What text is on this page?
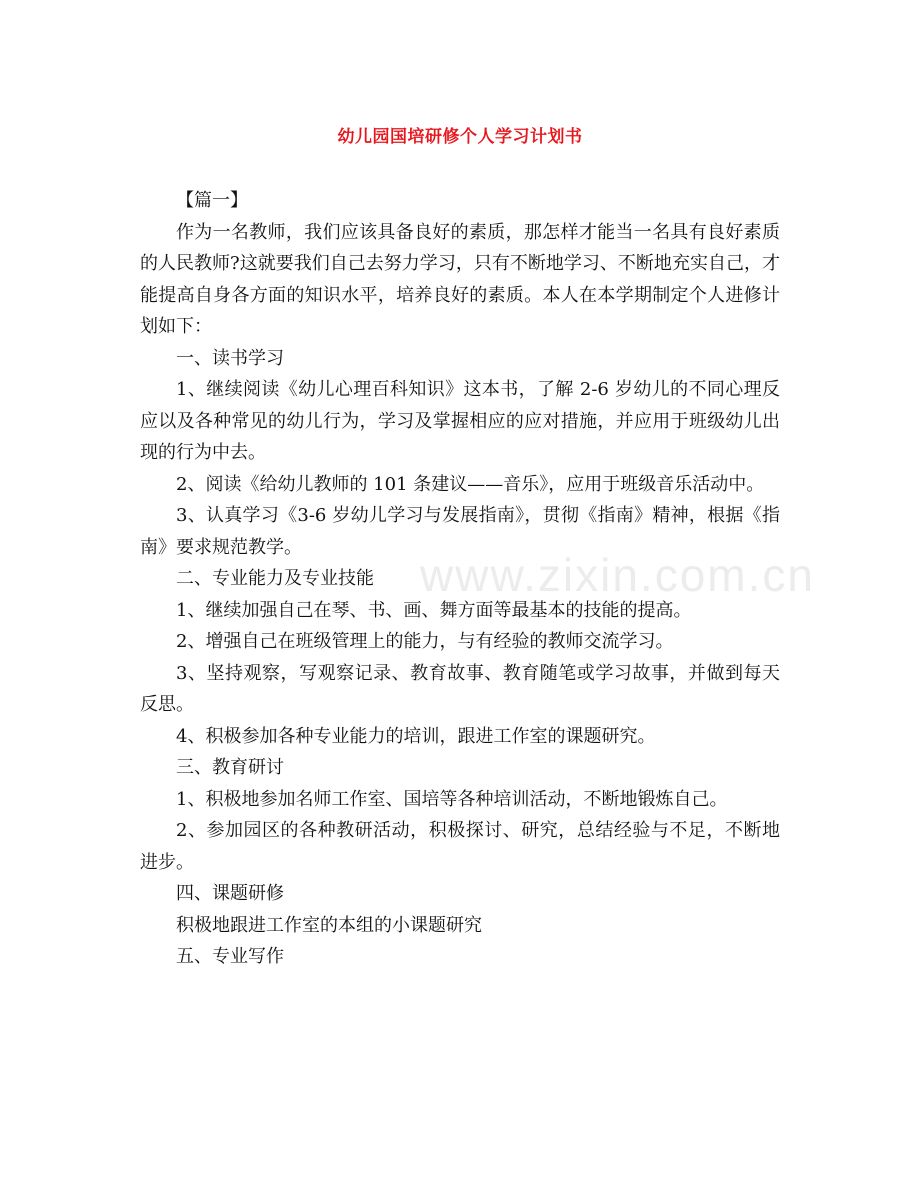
幼儿园国培研修个人学习计划书

【篇一】

作为一名教师，我们应该具备良好的素质，那怎样才能当一名具有良好素质的人民教师?这就要我们自己去努力学习，只有不断地学习、不断地充实自己，才能提高自身各方面的知识水平，培养良好的素质。本人在本学期制定个人进修计划如下：

一、读书学习

1、继续阅读《幼儿心理百科知识》这本书，了解 2-6 岁幼儿的不同心理反应以及各种常见的幼儿行为，学习及掌握相应的应对措施，并应用于班级幼儿出现的行为中去。

2、阅读《给幼儿教师的 101 条建议——音乐》，应用于班级音乐活动中。

3、认真学习《3-6 岁幼儿学习与发展指南》，贯彻《指南》精神，根据《指南》要求规范教学。

二、专业能力及专业技能

1、继续加强自己在琴、书、画、舞方面等最基本的技能的提高。

2、增强自己在班级管理上的能力，与有经验的教师交流学习。

3、坚持观察，写观察记录、教育故事、教育随笔或学习故事，并做到每天反思。

4、积极参加各种专业能力的培训，跟进工作室的课题研究。

三、教育研讨

1、积极地参加名师工作室、国培等各种培训活动，不断地锻炼自己。

2、参加园区的各种教研活动，积极探讨、研究，总结经验与不足，不断地进步。

四、课题研修

积极地跟进工作室的本组的小课题研究

五、专业写作

www.zixin.com.cn
